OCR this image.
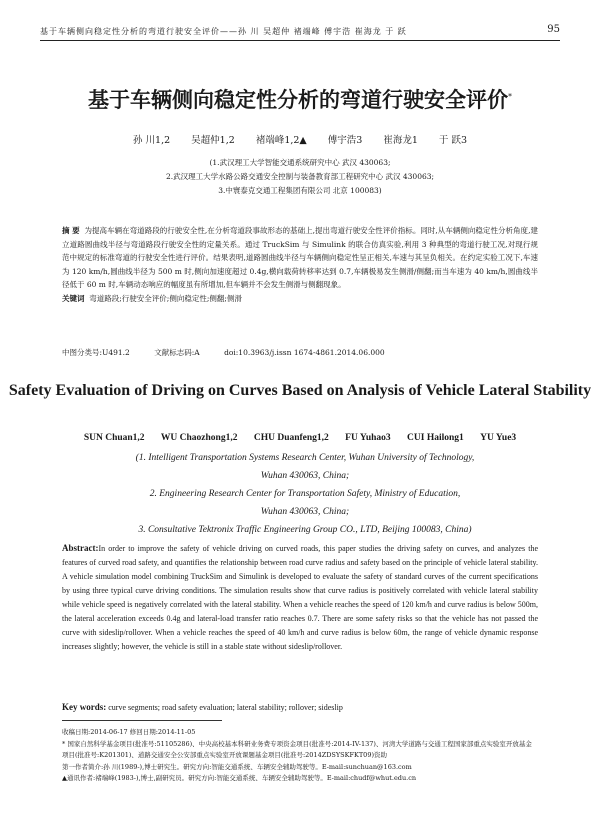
基于车辆侧向稳定性分析的弯道行驶安全评价——孙 川 吴超仲 褚端峰 傅宇浩 崔海龙 于 跃	95
基于车辆侧向稳定性分析的弯道行驶安全评价*
孙 川1,2 吴超仲1,2 褚端峰1,2▲ 傅宇浩3 崔海龙1 于 跃3
(1.武汉理工大学智能交通系统研究中心 武汉 430063;
2.武汉理工大学水路公路交通安全控制与装备教育部工程研究中心 武汉 430063;
3.中寰泰克交通工程集团有限公司 北京 100083)
摘 要 为提高车辆在弯道路段的行驶安全性,在分析弯道段事故形态的基础上,提出弯道行驶安全性评价指标。同时,从车辆侧向稳定性分析角度,建立道路圆曲线半径与弯道路段行驶安全性的定量关系。通过 TruckSim 与 Simulink 的联合仿真实验,利用 3 种典型的弯道行驶工况,对现行规范中规定的标准弯道的行驶安全性进行评价。结果表明,道路圆曲线半径与车辆侧向稳定性呈正相关,车速与其呈负相关。在约定实验工况下,车速为 120 km/h,圆曲线半径为 500 m 时,侧向加速度超过 0.4g,横向载荷转移率达到 0.7,车辆极易发生侧滑/侧翻;而当车速为 40 km/h,圆曲线半径低于 60 m 时,车辆动态响应的幅度虽有所增加,但车辆并不会发生侧滑与侧翻现象。
关键词 弯道路段;行驶安全评价;侧向稳定性;侧翻;侧滑
中图分类号:U491.2	文献标志码:A	doi:10.3963/j.issn 1674-4861.2014.06.000
Safety Evaluation of Driving on Curves Based on Analysis of Vehicle Lateral Stability
SUN Chuan1,2 WU Chaozhong1,2 CHU Duanfeng1,2 FU Yuhao3 CUI Hailong1 YU Yue3
(1. Intelligent Transportation Systems Research Center, Wuhan University of Technology,
Wuhan 430063, China;
2. Engineering Research Center for Transportation Safety, Ministry of Education,
Wuhan 430063, China;
3. Consultative Tektronix Traffic Engineering Group CO., LTD, Beijing 100083, China)
Abstract:In order to improve the safety of vehicle driving on curved roads, this paper studies the driving safety on curves, and analyzes the features of curved road safety, and quantifies the relationship between road curve radius and safety based on the principle of vehicle lateral stability. A vehicle simulation model combining TruckSim and Simulink is developed to evaluate the safety of standard curves of the current specifications by using three typical curve driving conditions. The simulation results show that curve radius is positively correlated with vehicle lateral stability while vehicle speed is negatively correlated with the lateral stability. When a vehicle reaches the speed of 120 km/h and curve radius is below 500m, the lateral acceleration exceeds 0.4g and lateral-load transfer ratio reaches 0.7. There are some safety risks so that the vehicle has not passed the curve with sideslip/rollover. When a vehicle reaches the speed of 40 km/h and curve radius is below 60m, the range of vehicle dynamic response increases slightly; however, the vehicle is still in a stable state without sideslip/rollover.
Key words: curve segments; road safety evaluation; lateral stability; rollover; sideslip

收稿日期:2014-06-17 修回日期:2014-11-05

* 国家自然科学基金项目(批准号:51105286)、中央高校基本科研业务费专项资金项目(批准号:2014-IV-137)、河湾大学道路与交通工程国家部重点实验室开放基金项目(批准号:K201301)、道路交通安全公安部重点实验室开放课题基金项目(批准号:2014ZDSYSKFKT09)资助

第一作者简介:孙 川(1989-),博士研究生。研究方向:智能交通系统、车辆安全辅助驾驶等。E-mail:sunchuan@163.com

▲通讯作者:褚端峰(1983-),博士,副研究员。研究方向:智能交通系统、车辆安全辅助驾驶等。E-mail:chudf@whut.edu.cn
